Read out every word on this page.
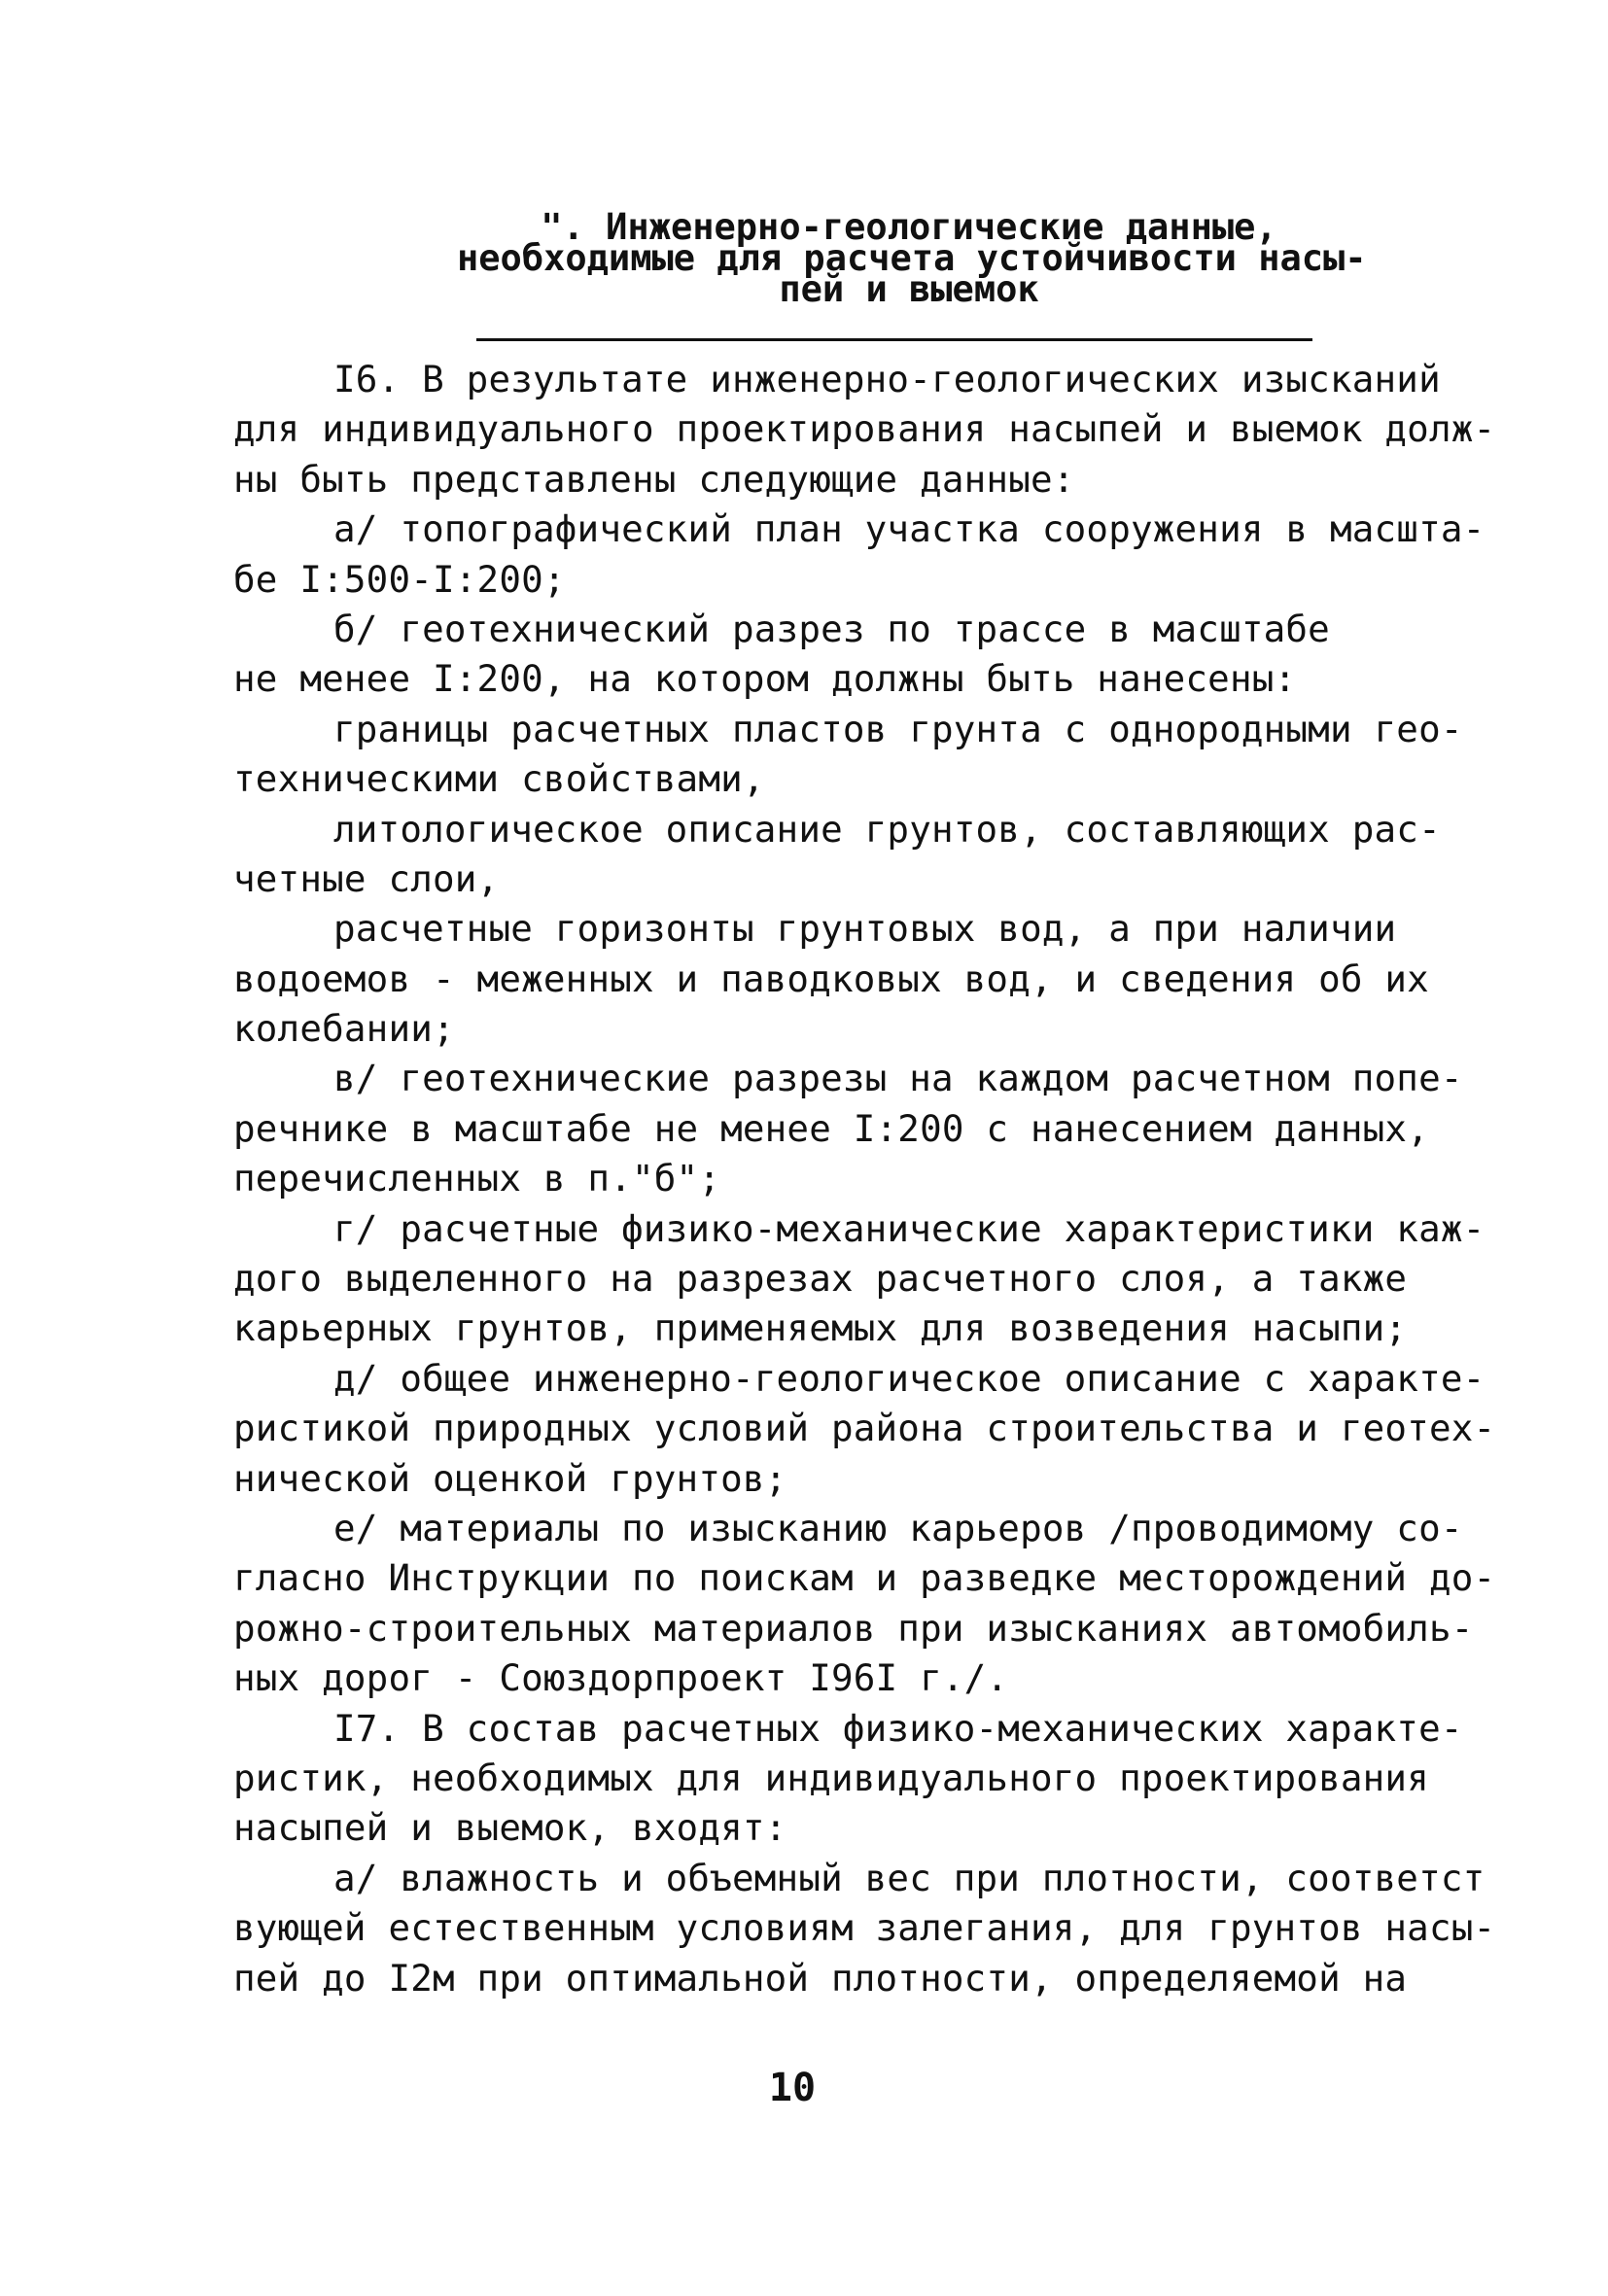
". Инженерно-геологические данные,
необходимые для расчета устойчивости насы-
пей и выемок
I6. В результате инженерно-геологических изысканий
для индивидуального проектирования насыпей и выемок долж-
ны быть представлены следующие данные:
а/ топографический план участка сооружения в масшта-
бе I:500-I:200;
б/ геотехнический разрез по трассе в масштабе
не менее I:200, на котором должны быть нанесены:
границы расчетных пластов грунта с однородными гео-
техническими свойствами,
литологическое описание грунтов, составляющих рас-
четные слои,
расчетные горизонты грунтовых вод, а при наличии
водоемов - меженных и паводковых вод, и сведения об их
колебании;
в/ геотехнические разрезы на каждом расчетном попе-
речнике в масштабе не менее I:200 с нанесением данных,
перечисленных в п."б";
г/ расчетные физико-механические характеристики каж-
дого выделенного на разрезах расчетного слоя, а также
карьерных грунтов, применяемых для возведения насыпи;
д/ общее инженерно-геологическое описание с характе-
ристикой природных условий района строительства и геотех-
нической оценкой грунтов;
е/ материалы по изысканию карьеров /проводимому со-
гласно Инструкции по поискам и разведке месторождений до-
рожно-строительных материалов при изысканиях автомобиль-
ных дорог - Союздорпроект I96I г./.
I7. В состав расчетных физико-механических характе-
ристик, необходимых для индивидуального проектирования
насыпей и выемок, входят:
а/ влажность и объемный вес при плотности, соответст
вующей естественным условиям залегания, для грунтов насы-
пей до I2м при оптимальной плотности, определяемой на
10
